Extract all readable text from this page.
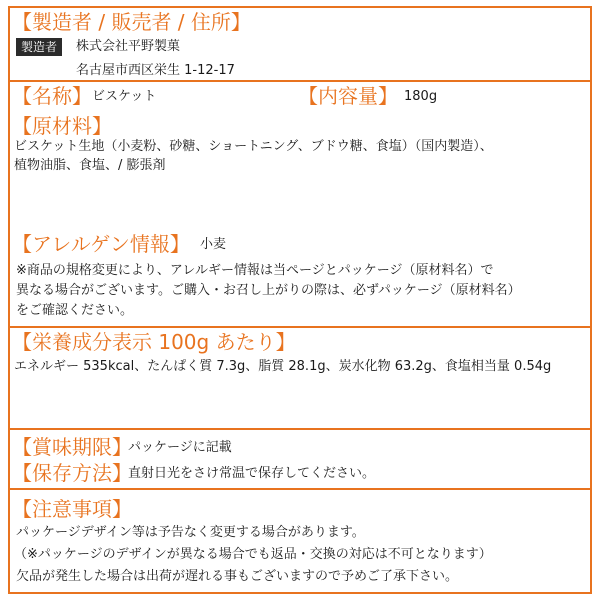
【製造者 / 販売者 / 住所】
製造者	株式会社平野製菓
名古屋市西区栄生 1-12-17
【名称】 ビスケット	【内容量】 180g
【原材料】
ビスケット生地（小麦粉、砂糖、ショートニング、ブドウ糖、食塩）（国内製造）、
植物油脂、食塩、/ 膨張剤
【アレルゲン情報】 小麦
※商品の規格変更により、アレルギー情報は当ページとパッケージ（原材料名）で
異なる場合がございます。ご購入・お召し上がりの際は、必ずパッケージ（原材料名）
をご確認ください。
【栄養成分表示 100g あたり】
エネルギー 535kcal、たんぱく質 7.3g、脂質 28.1g、炭水化物 63.2g、食塩相当量 0.54g
【賞味期限】
パッケージに記載
【保存方法】
直射日光をさけ常温で保存してください。
【注意事項】
パッケージデザイン等は予告なく変更する場合があります。
（※パッケージのデザインが異なる場合でも返品・交換の対応は不可となります）
欠品が発生した場合は出荷が遅れる事もございますので予めご了承下さい。
